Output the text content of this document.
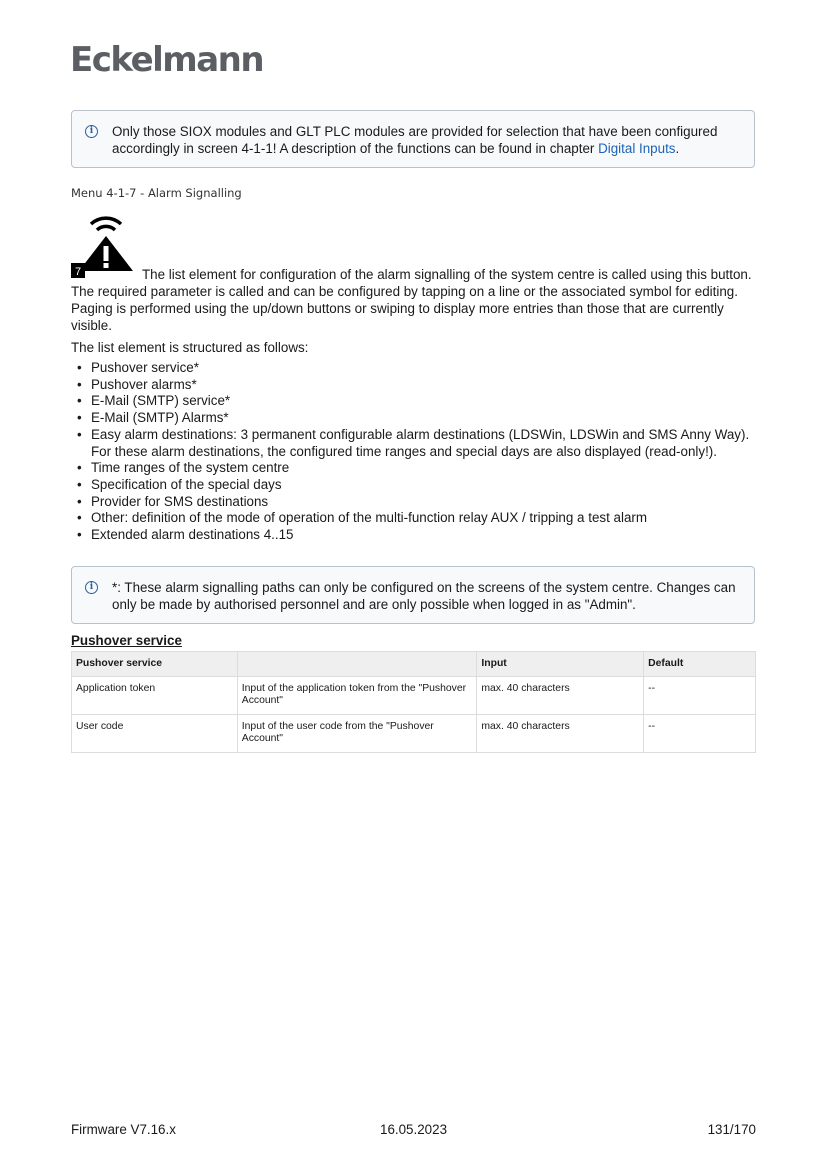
Eckelmann
i	Only those SIOX modules and GLT PLC modules are provided for selection that have been configured accordingly in screen 4-1-1! A description of the functions can be found in chapter Digital Inputs.
Menu 4-1-7 - Alarm Signalling
7	The list element for configuration of the alarm signalling of the system centre is called using this button. The required parameter is called and can be configured by tapping on a line or the associated symbol for editing. Paging is performed using the up/down buttons or swiping to display more entries than those that are currently visible.
The list element is structured as follows:
• Pushover service*
• Pushover alarms*
• E-Mail (SMTP) service*
• E-Mail (SMTP) Alarms*
• Easy alarm destinations: 3 permanent configurable alarm destinations (LDSWin, LDSWin and SMS Anny Way).
For these alarm destinations, the configured time ranges and special days are also displayed (read-only!).
• Time ranges of the system centre
• Specification of the special days
• Provider for SMS destinations
• Other: definition of the mode of operation of the multi-function relay AUX / tripping a test alarm
• Extended alarm destinations 4..15
i	*: These alarm signalling paths can only be configured on the screens of the system centre. Changes can only be made by authorised personnel and are only possible when logged in as "Admin".
Pushover service
Pushover service		Input	Default
Application token	Input of the application token from the "Pushover Account"	max. 40 characters	--
User code	Input of the user code from the "Pushover Account"	max. 40 characters	--
Firmware V7.16.x	16.05.2023	131/170
